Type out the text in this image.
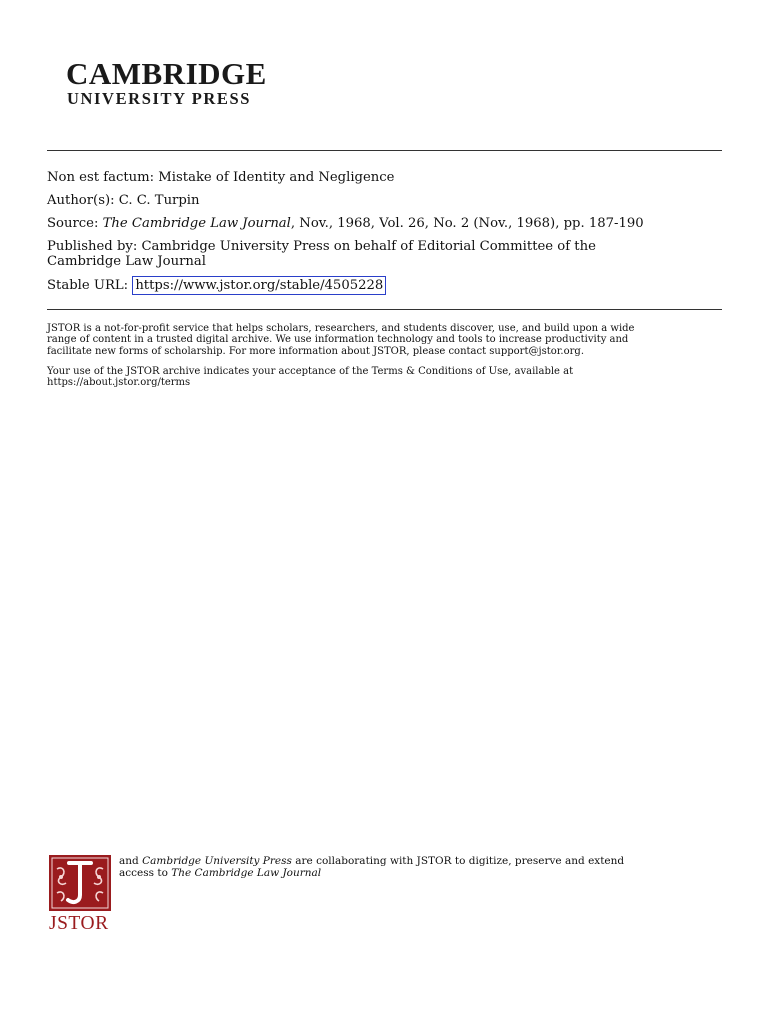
CAMBRIDGE
UNIVERSITY PRESS
Non est factum: Mistake of Identity and Negligence
Author(s): C. C. Turpin
Source: The Cambridge Law Journal, Nov., 1968, Vol. 26, No. 2 (Nov., 1968), pp. 187-190
Published by: Cambridge University Press on behalf of Editorial Committee of the
Cambridge Law Journal
Stable URL: https://www.jstor.org/stable/4505228
JSTOR is a not-for-profit service that helps scholars, researchers, and students discover, use, and build upon a wide
range of content in a trusted digital archive. We use information technology and tools to increase productivity and
facilitate new forms of scholarship. For more information about JSTOR, please contact support@jstor.org.
Your use of the JSTOR archive indicates your acceptance of the Terms & Conditions of Use, available at
https://about.jstor.org/terms
JSTOR
and Cambridge University Press are collaborating with JSTOR to digitize, preserve and extend
access to The Cambridge Law Journal
